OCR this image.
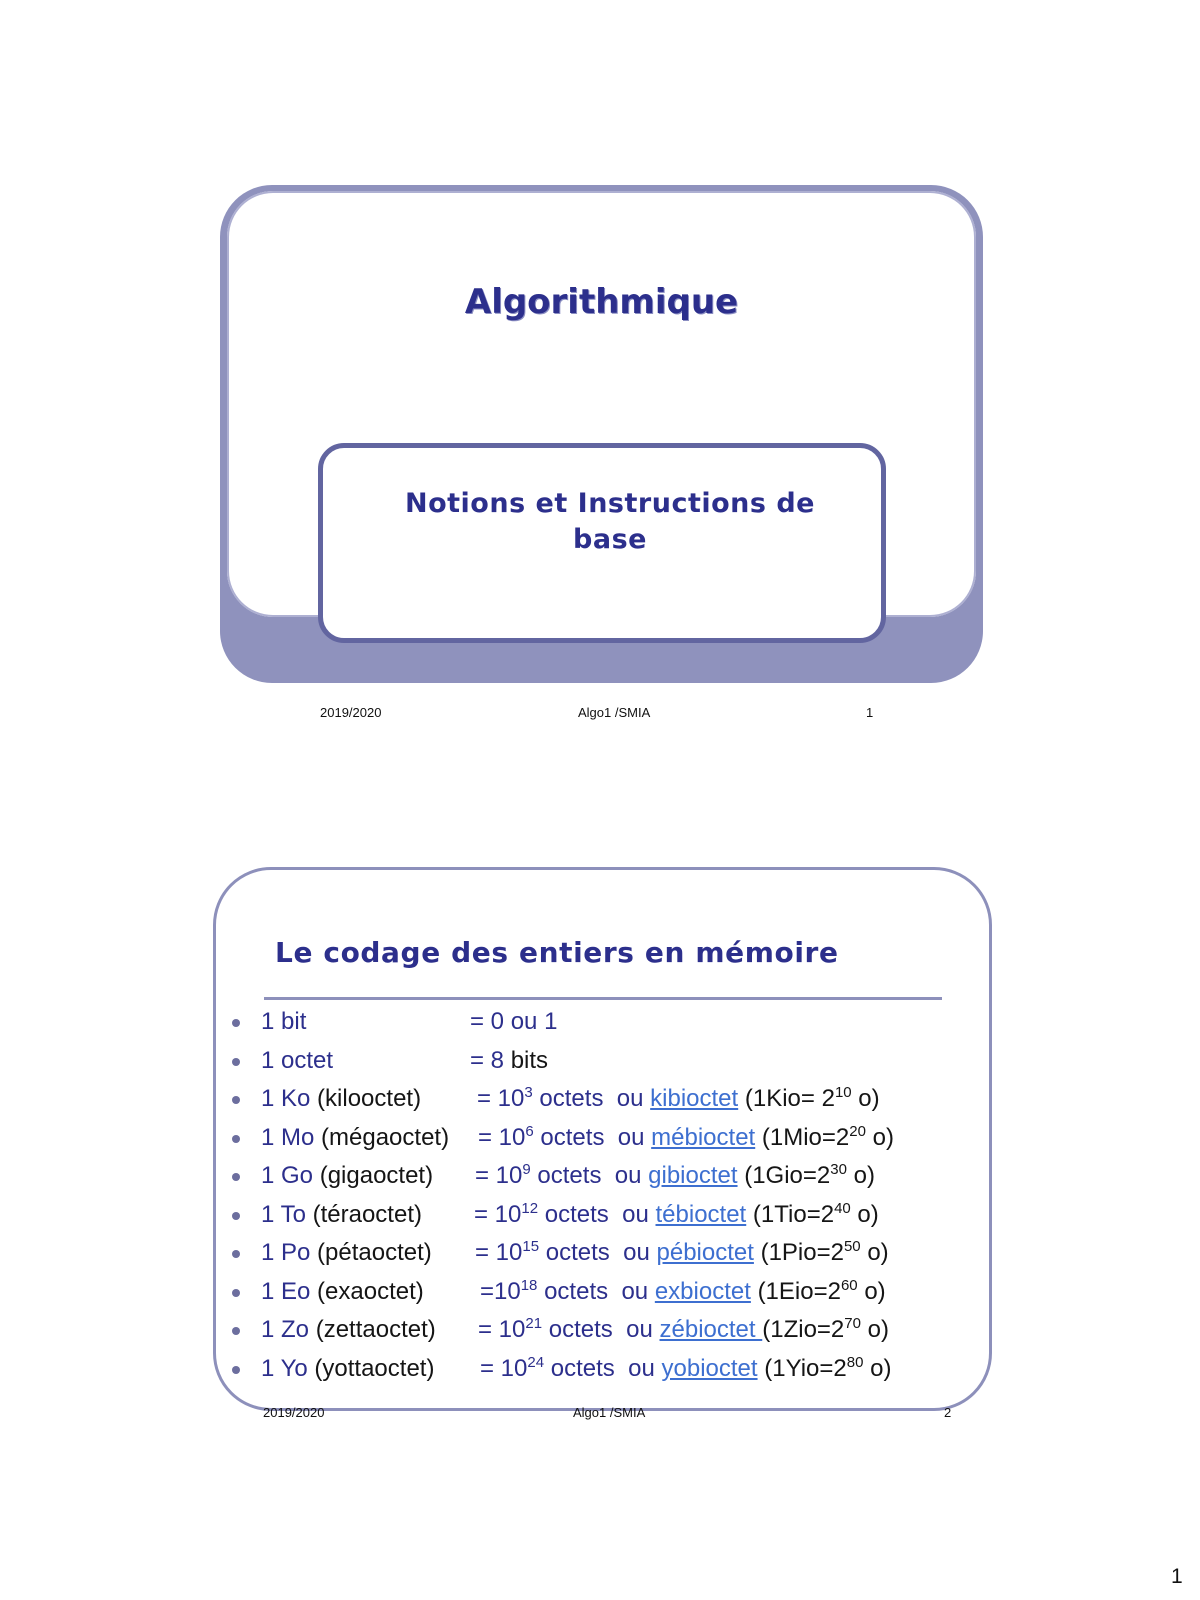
Algorithmique
Notions et Instructions de base
2019/2020	Algo1 /SMIA	1
Le codage des entiers en mémoire
1 bit	= 0 ou 1
1 octet	= 8 bits
1 Ko (kilooctet) = $10^3$ octets ou kibioctet ($1Kio= 2^{10}$ o)
1 Mo (mégaoctet) = $10^6$ octets ou mébioctet ($1Mio=2^{20}$ o)
1 Go (gigaoctet) = $10^9$ octets ou gibioctet ($1Gio=2^{30}$ o)
1 To (téraoctet) = $10^{12}$ octets ou tébioctet ($1Tio=2^{40}$ o)
1 Po (pétaoctet) = $10^{15}$ octets ou pébioctet ($1Pio=2^{50}$ o)
1 Eo (exaoctet) $=10^{18}$ octets ou exbioctet ($1Eio=2^{60}$ o)
1 Zo (zettaoctet) = $10^{21}$ octets ou zébioctet ($1Zio=2^{70}$ o)
1 Yo (yottaoctet) = $10^{24}$ octets ou yobioctet ($1Yio=2^{80}$ o)
2019/2020	Algo1 /SMIA	2
1
